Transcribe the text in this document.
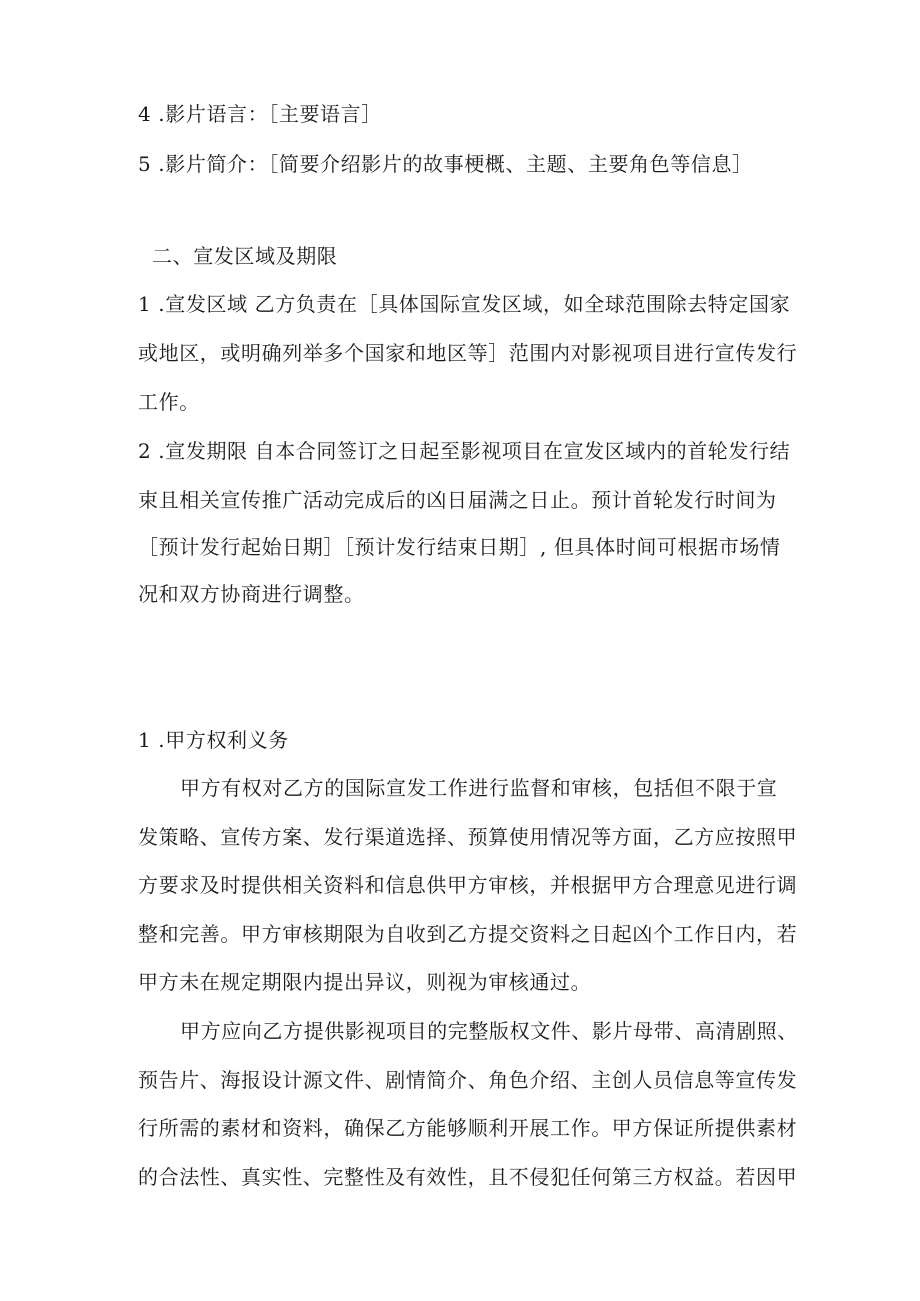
4 .影片语言：［主要语言］
5 .影片简介：［简要介绍影片的故事梗概、主题、主要角色等信息］
二、宣发区域及期限
1 .宣发区域 乙方负责在［具体国际宣发区域，如全球范围除去特定国家
或地区，或明确列举多个国家和地区等］范围内对影视项目进行宣传发行
工作。
2 .宣发期限 自本合同签订之日起至影视项目在宣发区域内的首轮发行结
束且相关宣传推广活动完成后的凶日届满之日止。预计首轮发行时间为
［预计发行起始日期］［预计发行结束日期］, 但具体时间可根据市场情
况和双方协商进行调整。
1 .甲方权利义务
甲方有权对乙方的国际宣发工作进行监督和审核，包括但不限于宣
发策略、宣传方案、发行渠道选择、预算使用情况等方面，乙方应按照甲
方要求及时提供相关资料和信息供甲方审核，并根据甲方合理意见进行调
整和完善。甲方审核期限为自收到乙方提交资料之日起凶个工作日内，若
甲方未在规定期限内提出异议，则视为审核通过。
甲方应向乙方提供影视项目的完整版权文件、影片母带、高清剧照、
预告片、海报设计源文件、剧情简介、角色介绍、主创人员信息等宣传发
行所需的素材和资料，确保乙方能够顺利开展工作。甲方保证所提供素材
的合法性、真实性、完整性及有效性，且不侵犯任何第三方权益。若因甲
